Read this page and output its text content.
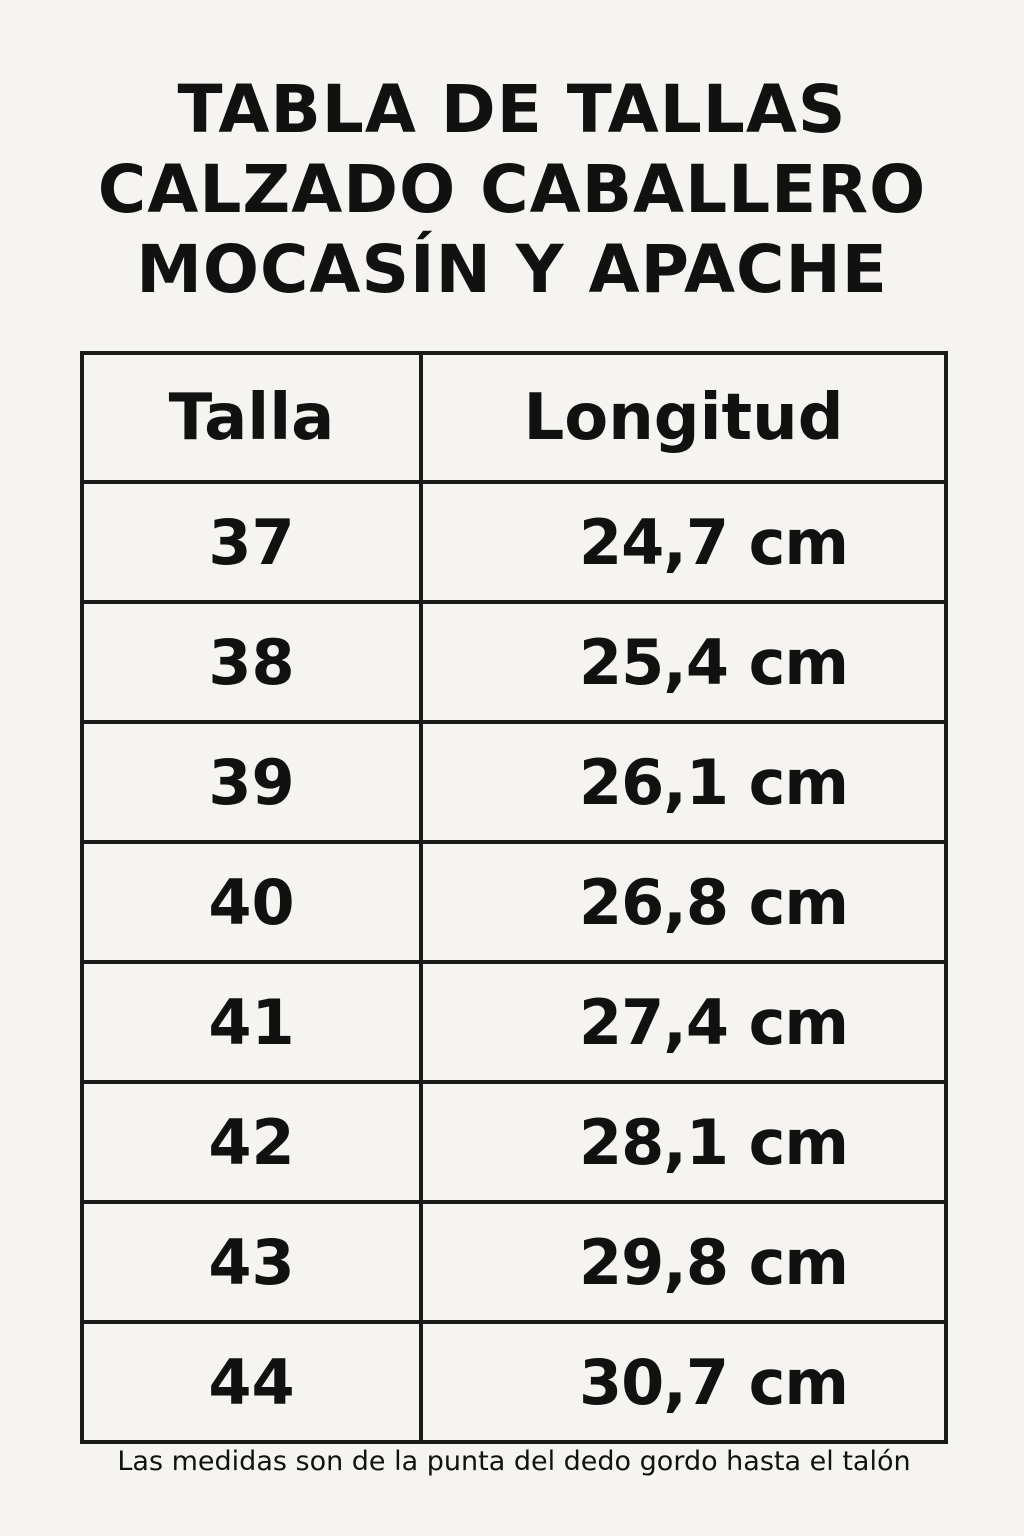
TABLA DE TALLAS
CALZADO CABALLERO
MOCASÍN Y APACHE
Talla	Longitud
37	24,7 cm
38	25,4 cm
39	26,1 cm
40	26,8 cm
41	27,4 cm
42	28,1 cm
43	29,8 cm
44	30,7 cm
Las medidas son de la punta del dedo gordo hasta el talón
